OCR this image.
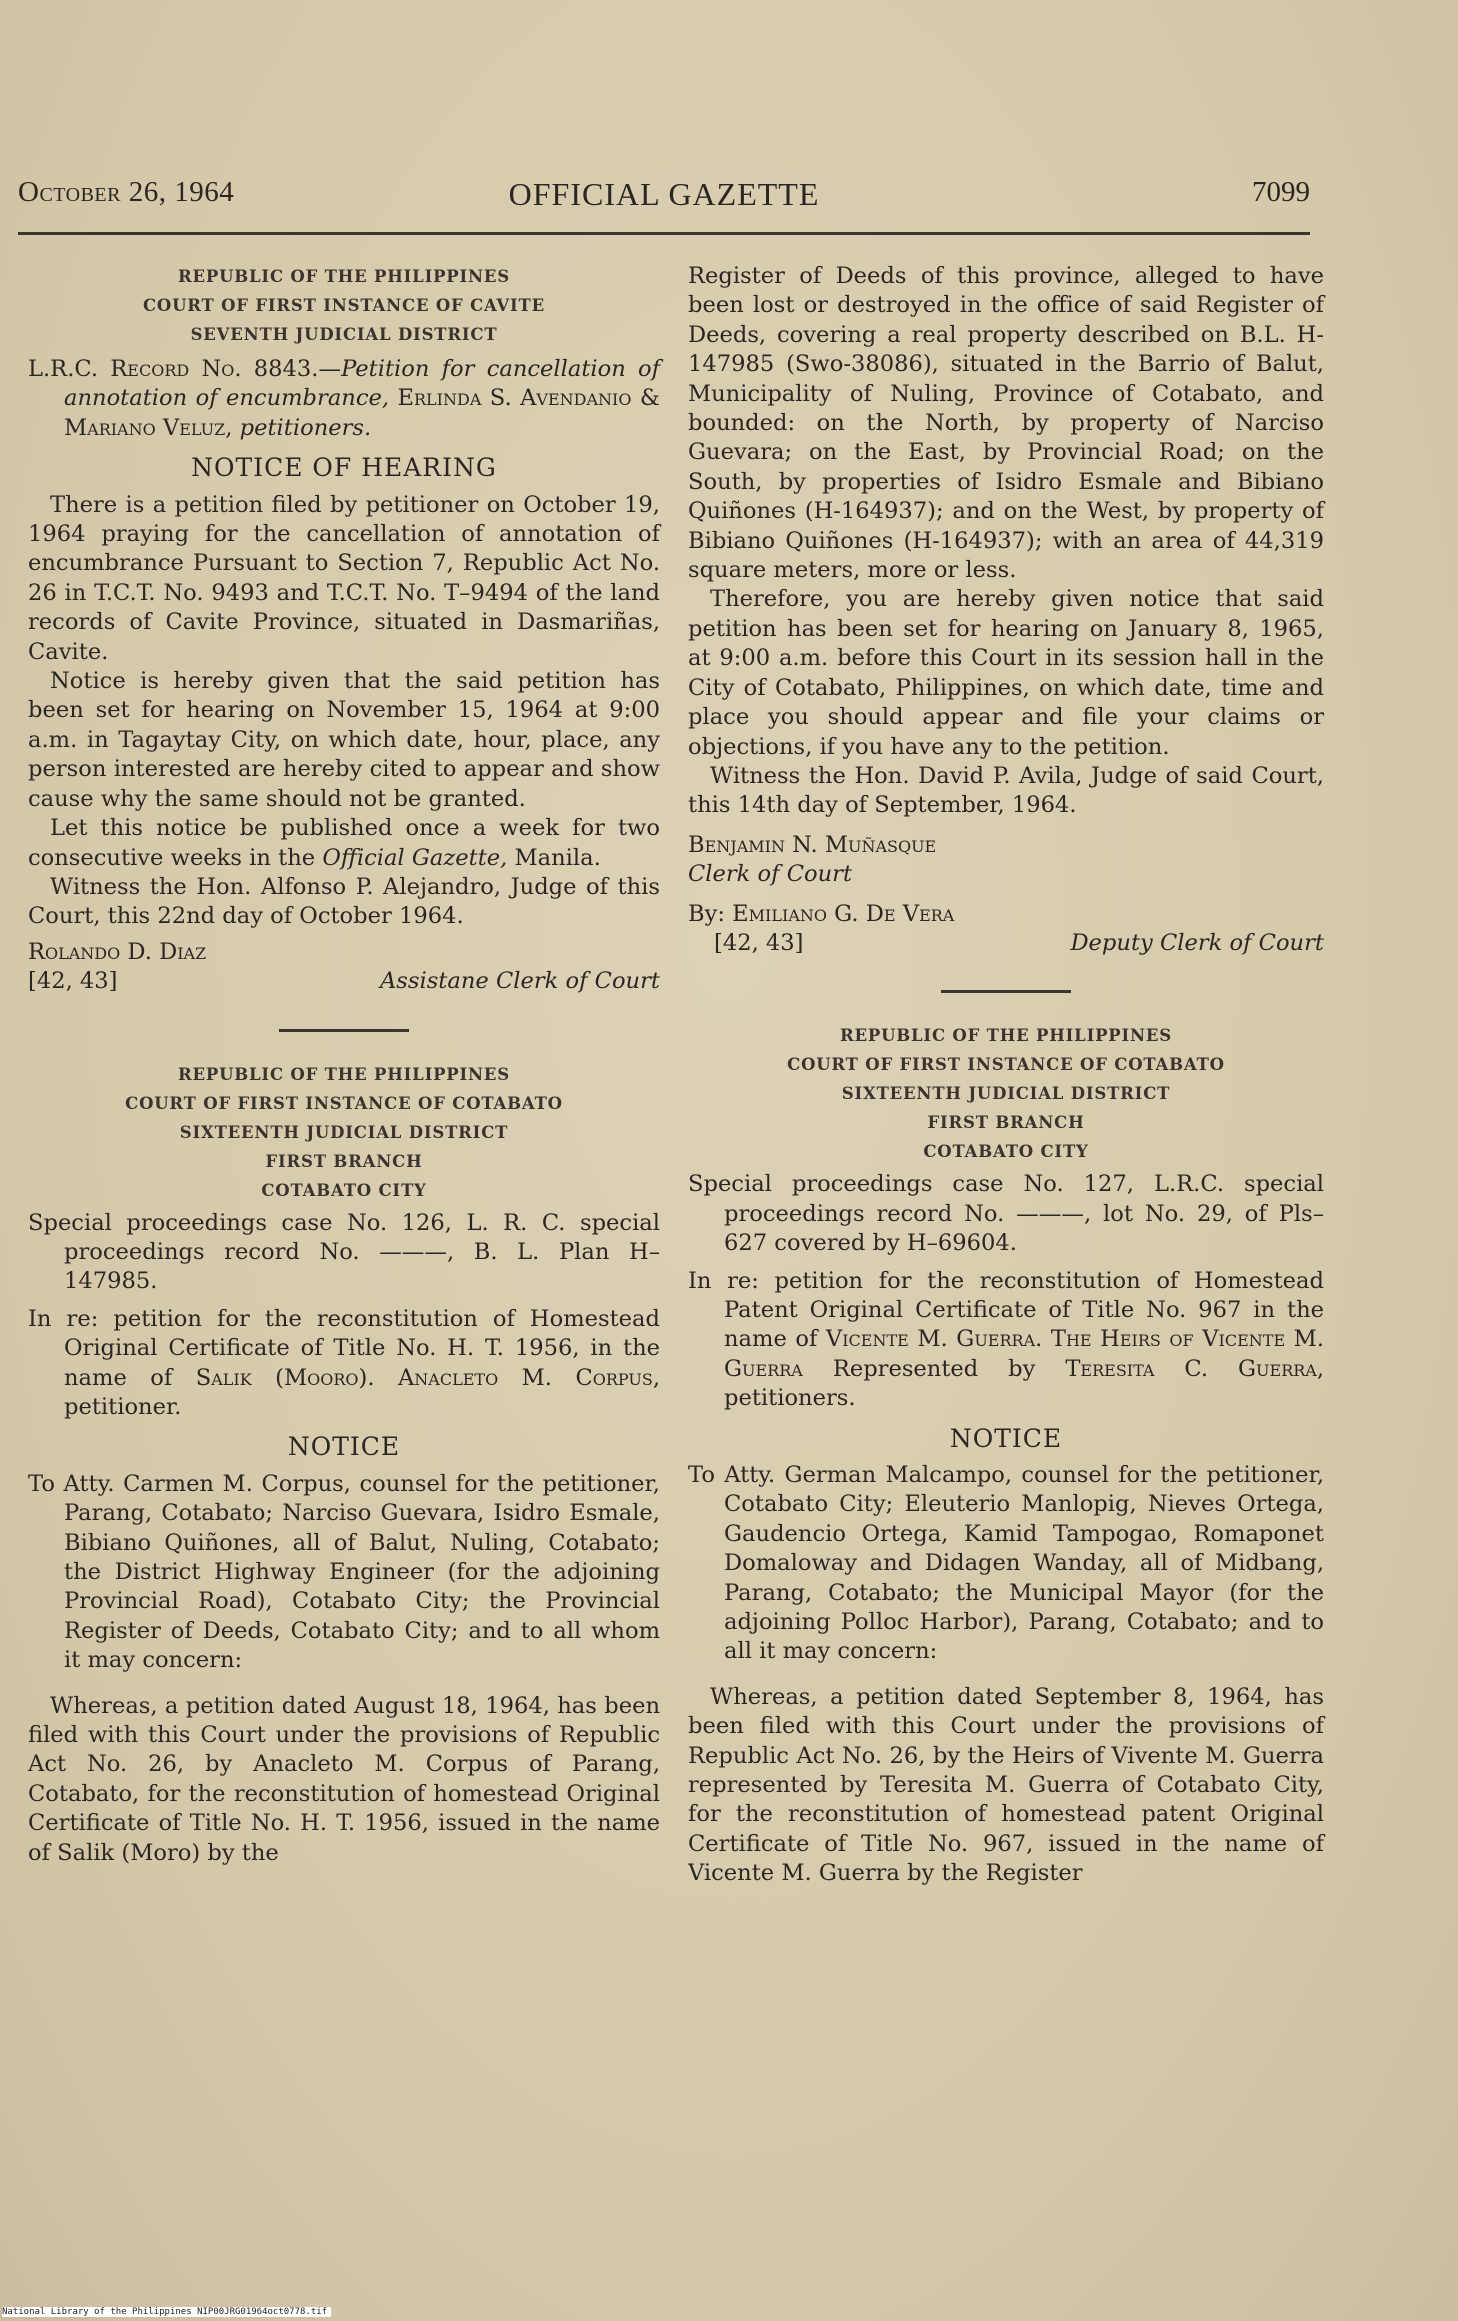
October 26, 1964	OFFICIAL GAZETTE	7099
REPUBLIC OF THE PHILIPPINES
COURT OF FIRST INSTANCE OF CAVITE
SEVENTH JUDICIAL DISTRICT

L.R.C. Record No. 8843.—Petition for cancellation of annotation of encumbrance, Erlinda S. Avendanio & Mariano Veluz, petitioners.

NOTICE OF HEARING

There is a petition filed by petitioner on October 19, 1964 praying for the cancellation of annotation of encumbrance Pursuant to Section 7, Republic Act No. 26 in T.C.T. No. 9493 and T.C.T. No. T–9494 of the land records of Cavite Province, situated in Dasmariñas, Cavite.

Notice is hereby given that the said petition has been set for hearing on November 15, 1964 at 9:00 a.m. in Tagaytay City, on which date, hour, place, any person interested are hereby cited to appear and show cause why the same should not be granted.

Let this notice be published once a week for two consecutive weeks in the Official Gazette, Manila.

Witness the Hon. Alfonso P. Alejandro, Judge of this Court, this 22nd day of October 1964.

Rolando D. Diaz

[42, 43]	Assistane Clerk of Court
REPUBLIC OF THE PHILIPPINES
COURT OF FIRST INSTANCE OF COTABATO
SIXTEENTH JUDICIAL DISTRICT
FIRST BRANCH
COTABATO CITY

Special proceedings case No. 126, L. R. C. special proceedings record No. ———, B. L. Plan H–147985.

In re: petition for the reconstitution of Homestead Original Certificate of Title No. H. T. 1956, in the name of Salik (Mooro). Anacleto M. Corpus, petitioner.

NOTICE

To Atty. Carmen M. Corpus, counsel for the petitioner, Parang, Cotabato; Narciso Guevara, Isidro Esmale, Bibiano Quiñones, all of Balut, Nuling, Cotabato; the District Highway Engineer (for the adjoining Provincial Road), Cotabato City; the Provincial Register of Deeds, Cotabato City; and to all whom it may concern:

Whereas, a petition dated August 18, 1964, has been filed with this Court under the provisions of Republic Act No. 26, by Anacleto M. Corpus of Parang, Cotabato, for the reconstitution of homestead Original Certificate of Title No. H. T. 1956, issued in the name of Salik (Moro) by the

Register of Deeds of this province, alleged to have been lost or destroyed in the office of said Register of Deeds, covering a real property described on B.L. H-147985 (Swo-38086), situated in the Barrio of Balut, Municipality of Nuling, Province of Cotabato, and bounded: on the North, by property of Narciso Guevara; on the East, by Provincial Road; on the South, by properties of Isidro Esmale and Bibiano Quiñones (H-164937); and on the West, by property of Bibiano Quiñones (H-164937); with an area of 44,319 square meters, more or less.

Therefore, you are hereby given notice that said petition has been set for hearing on January 8, 1965, at 9:00 a.m. before this Court in its session hall in the City of Cotabato, Philippines, on which date, time and place you should appear and file your claims or objections, if you have any to the petition.

Witness the Hon. David P. Avila, Judge of said Court, this 14th day of September, 1964.

Benjamin N. Muñasque

Clerk of Court

By: Emiliano G. De Vera

[42, 43]	Deputy Clerk of Court
REPUBLIC OF THE PHILIPPINES
COURT OF FIRST INSTANCE OF COTABATO
SIXTEENTH JUDICIAL DISTRICT
FIRST BRANCH
COTABATO CITY

Special proceedings case No. 127, L.R.C. special proceedings record No. ———, lot No. 29, of Pls–627 covered by H–69604.

In re: petition for the reconstitution of Homestead Patent Original Certificate of Title No. 967 in the name of Vicente M. Guerra. The Heirs of Vicente M. Guerra Represented by Teresita C. Guerra, petitioners.

NOTICE

To Atty. German Malcampo, counsel for the petitioner, Cotabato City; Eleuterio Manlopig, Nieves Ortega, Gaudencio Ortega, Kamid Tampogao, Romaponet Domaloway and Didagen Wanday, all of Midbang, Parang, Cotabato; the Municipal Mayor (for the adjoining Polloc Harbor), Parang, Cotabato; and to all it may concern:

Whereas, a petition dated September 8, 1964, has been filed with this Court under the provisions of Republic Act No. 26, by the Heirs of Vivente M. Guerra represented by Teresita M. Guerra of Cotabato City, for the reconstitution of homestead patent Original Certificate of Title No. 967, issued in the name of Vicente M. Guerra by the Register

National Library of the Philippines NIP00JRG01964oct0778.tif
